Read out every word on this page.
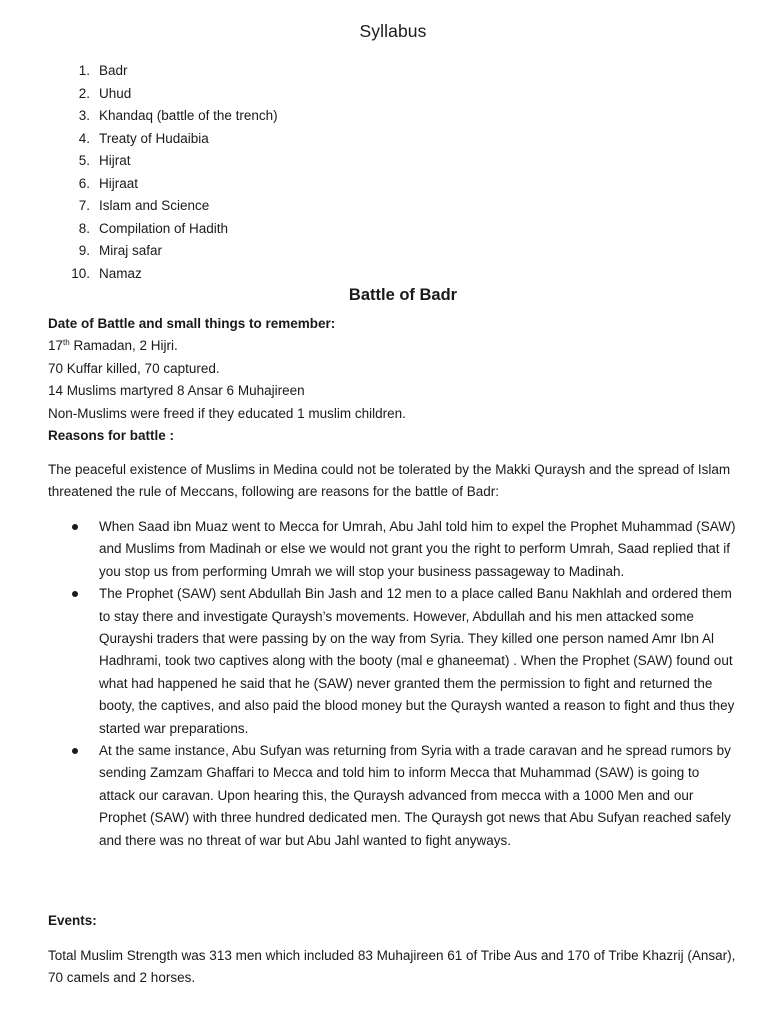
Syllabus
1. Badr
2. Uhud
3. Khandaq (battle of the trench)
4. Treaty of Hudaibia
5. Hijrat
6. Hijraat
7. Islam and Science
8. Compilation of Hadith
9. Miraj safar
10. Namaz
Battle of Badr
Date of Battle and small things to remember:
17th Ramadan, 2 Hijri.
70 Kuffar killed, 70 captured.
14 Muslims martyred 8 Ansar 6 Muhajireen
Non-Muslims were freed if they educated 1 muslim children.
Reasons for battle :
The peaceful existence of Muslims in Medina could not be tolerated by the Makki Quraysh and the spread of Islam threatened the rule of Meccans, following are reasons for the battle of Badr:
When Saad ibn Muaz went to Mecca for Umrah, Abu Jahl told him to expel the Prophet Muhammad (SAW) and Muslims from Madinah or else we would not grant you the right to perform Umrah, Saad replied that if you stop us from performing Umrah we will stop your business passageway to Madinah.
The Prophet (SAW) sent Abdullah Bin Jash and 12 men to a place called Banu Nakhlah and ordered them to stay there and investigate Quraysh’s movements. However, Abdullah and his men attacked some Qurayshi traders that were passing by on the way from Syria. They killed one person named Amr Ibn Al Hadhrami, took two captives along with the booty (mal e ghaneemat) . When the Prophet (SAW) found out what had happened he said that he (SAW) never granted them the permission to fight and returned the booty, the captives, and also paid the blood money but the Quraysh wanted a reason to fight and thus they started war preparations.
At the same instance, Abu Sufyan was returning from Syria with a trade caravan and he spread rumors by sending Zamzam Ghaffari to Mecca and told him to inform Mecca that Muhammad (SAW) is going to attack our caravan. Upon hearing this, the Quraysh advanced from mecca with a 1000 Men and our Prophet (SAW) with three hundred dedicated men. The Quraysh got news that Abu Sufyan reached safely and there was no threat of war but Abu Jahl wanted to fight anyways.
Events:
Total Muslim Strength was 313 men which included 83 Muhajireen 61 of Tribe Aus and 170 of Tribe Khazrij (Ansar), 70 camels and 2 horses.
